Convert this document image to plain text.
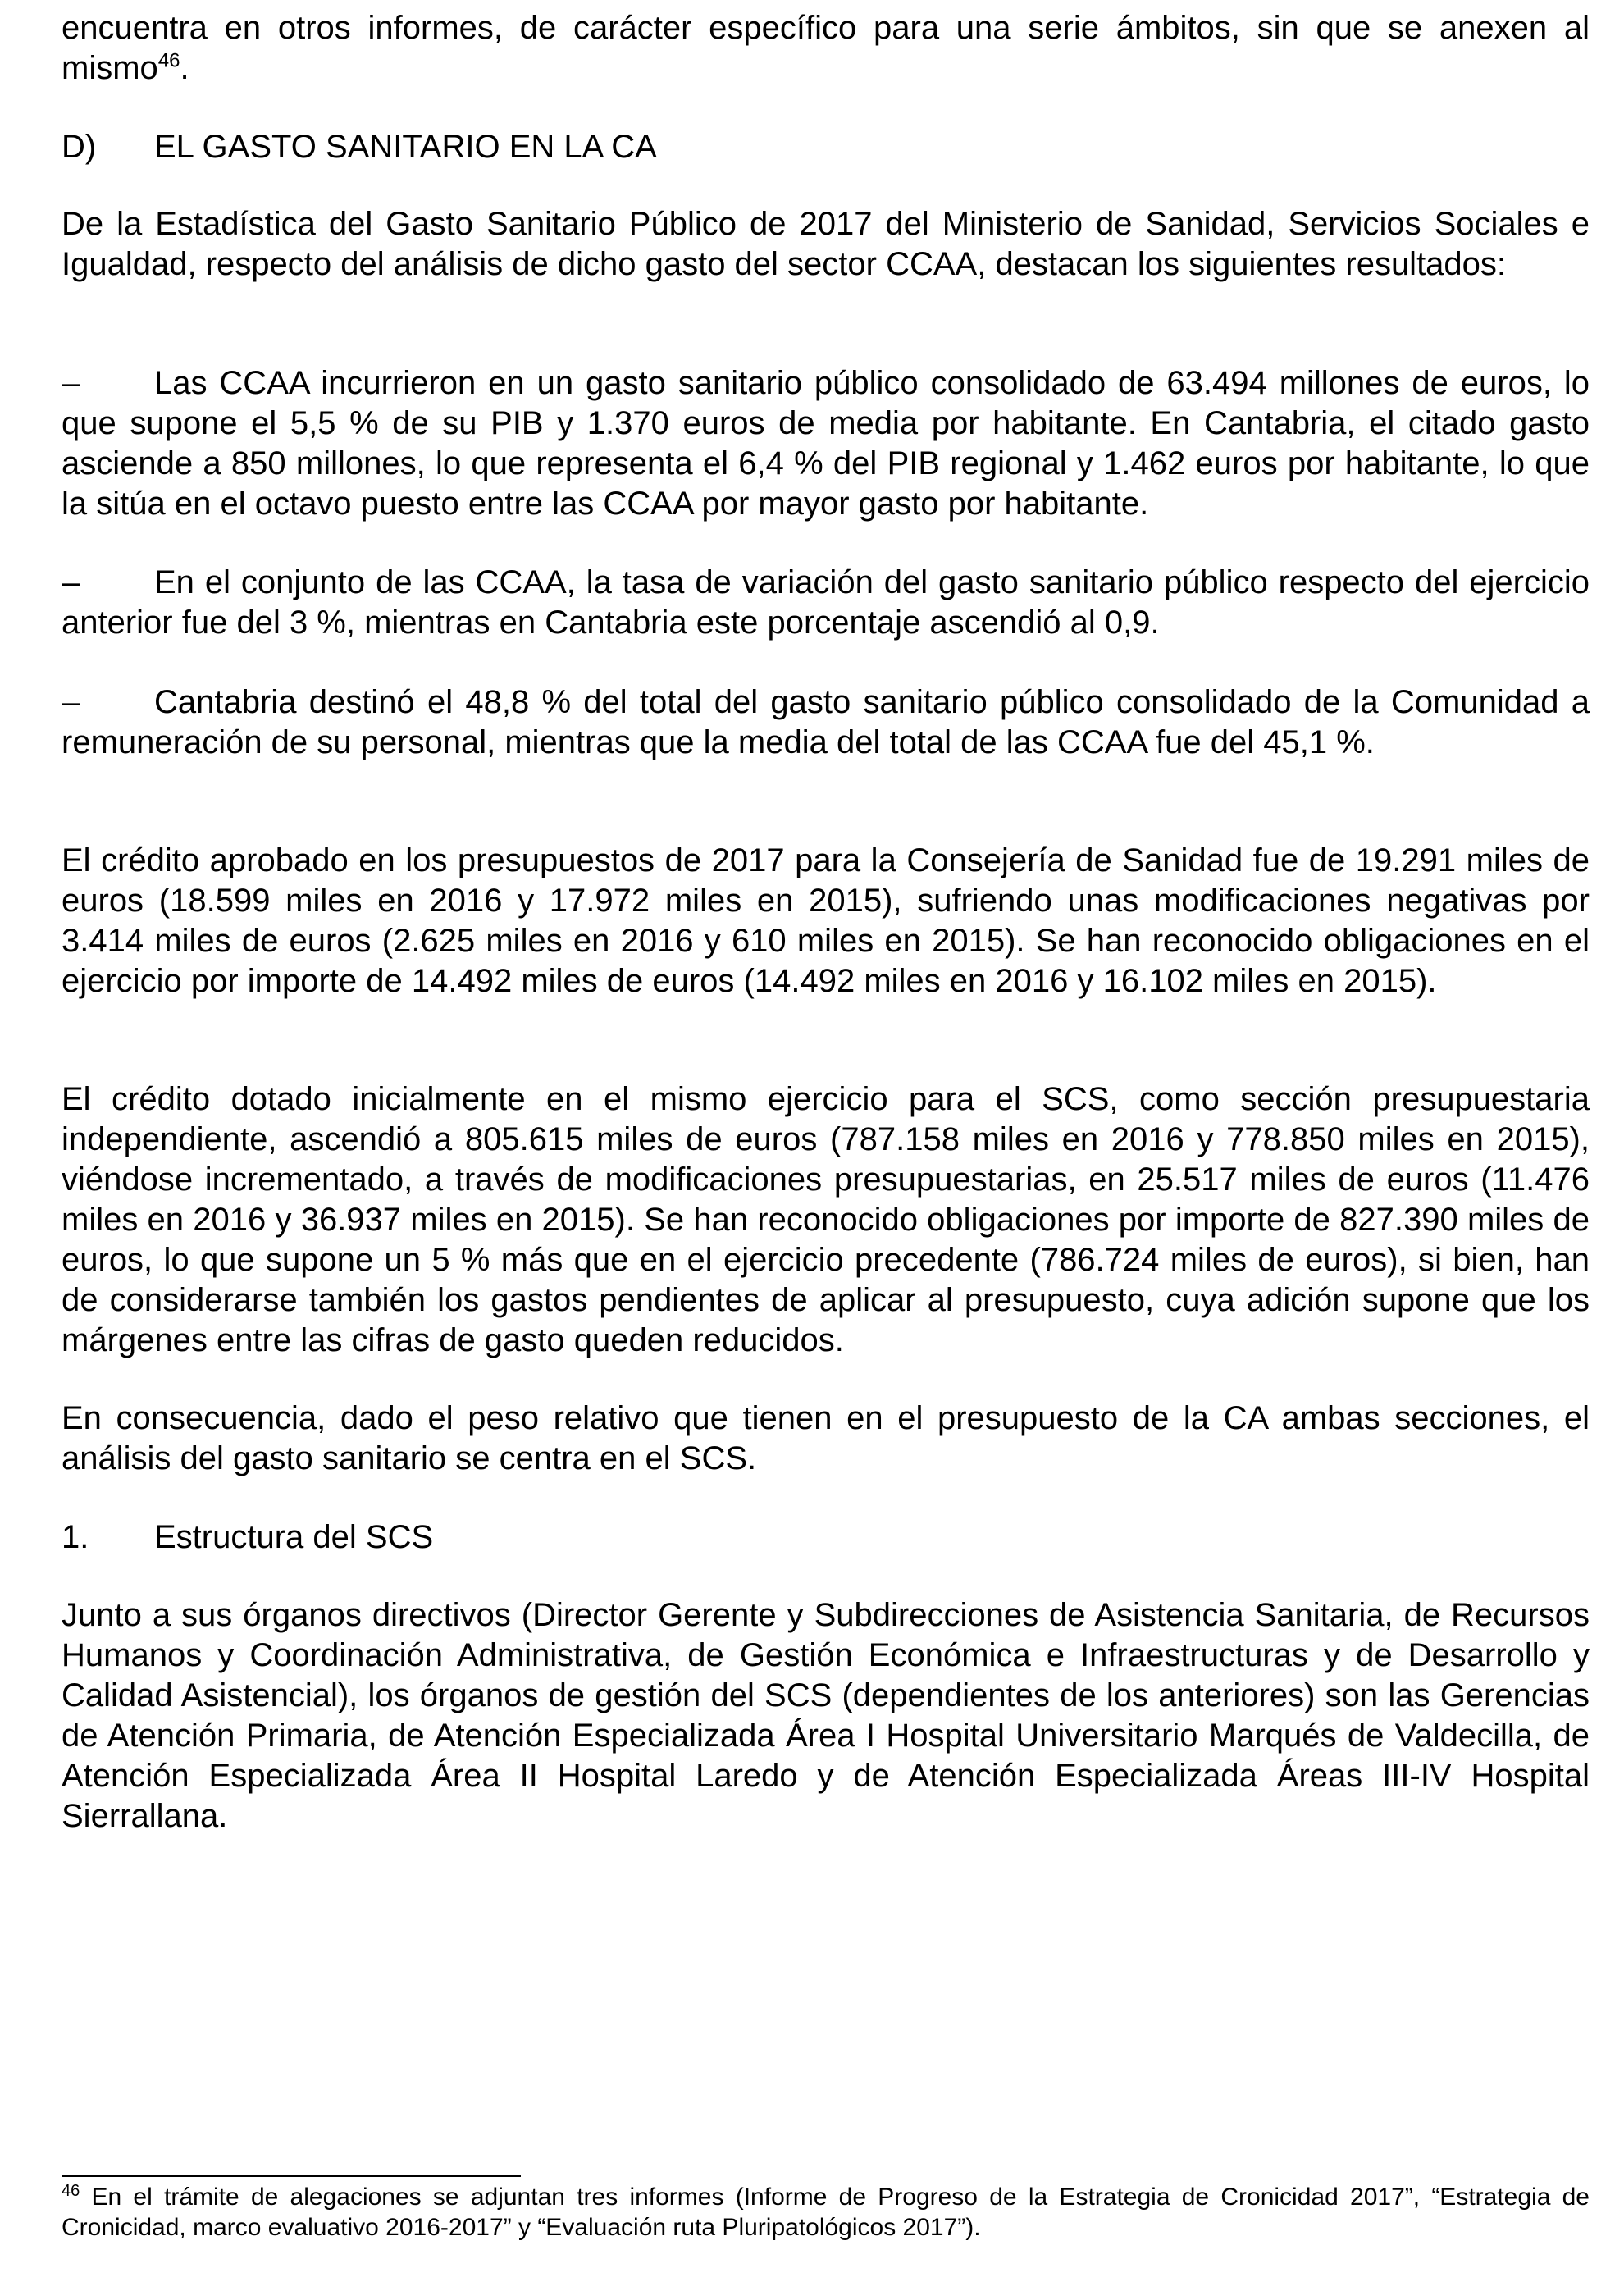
encuentra en otros informes, de carácter específico para una serie ámbitos, sin que se anexen al mismo$^{46}$.

D) EL GASTO SANITARIO EN LA CA

De la Estadística del Gasto Sanitario Público de 2017 del Ministerio de Sanidad, Servicios Sociales e Igualdad, respecto del análisis de dicho gasto del sector CCAA, destacan los siguientes resultados:

– Las CCAA incurrieron en un gasto sanitario público consolidado de 63.494 millones de euros, lo que supone el 5,5 % de su PIB y 1.370 euros de media por habitante. En Cantabria, el citado gasto asciende a 850 millones, lo que representa el 6,4 % del PIB regional y 1.462 euros por habitante, lo que la sitúa en el octavo puesto entre las CCAA por mayor gasto por habitante.

– En el conjunto de las CCAA, la tasa de variación del gasto sanitario público respecto del ejercicio anterior fue del 3 %, mientras en Cantabria este porcentaje ascendió al 0,9.

– Cantabria destinó el 48,8 % del total del gasto sanitario público consolidado de la Comunidad a remuneración de su personal, mientras que la media del total de las CCAA fue del 45,1 %.

El crédito aprobado en los presupuestos de 2017 para la Consejería de Sanidad fue de 19.291 miles de euros (18.599 miles en 2016 y 17.972 miles en 2015), sufriendo unas modificaciones negativas por 3.414 miles de euros (2.625 miles en 2016 y 610 miles en 2015). Se han reconocido obligaciones en el ejercicio por importe de 14.492 miles de euros (14.492 miles en 2016 y 16.102 miles en 2015).

El crédito dotado inicialmente en el mismo ejercicio para el SCS, como sección presupuestaria independiente, ascendió a 805.615 miles de euros (787.158 miles en 2016 y 778.850 miles en 2015), viéndose incrementado, a través de modificaciones presupuestarias, en 25.517 miles de euros (11.476 miles en 2016 y 36.937 miles en 2015). Se han reconocido obligaciones por importe de 827.390 miles de euros, lo que supone un 5 % más que en el ejercicio precedente (786.724 miles de euros), si bien, han de considerarse también los gastos pendientes de aplicar al presupuesto, cuya adición supone que los márgenes entre las cifras de gasto queden reducidos.

En consecuencia, dado el peso relativo que tienen en el presupuesto de la CA ambas secciones, el análisis del gasto sanitario se centra en el SCS.

1. Estructura del SCS

Junto a sus órganos directivos (Director Gerente y Subdirecciones de Asistencia Sanitaria, de Recursos Humanos y Coordinación Administrativa, de Gestión Económica e Infraestructuras y de Desarrollo y Calidad Asistencial), los órganos de gestión del SCS (dependientes de los anteriores) son las Gerencias de Atención Primaria, de Atención Especializada Área I Hospital Universitario Marqués de Valdecilla, de Atención Especializada Área II Hospital Laredo y de Atención Especializada Áreas III-IV Hospital Sierrallana.

$^{46}$ En el trámite de alegaciones se adjuntan tres informes (Informe de Progreso de la Estrategia de Cronicidad 2017”, “Estrategia de Cronicidad, marco evaluativo 2016-2017” y “Evaluación ruta Pluripatológicos 2017”).
